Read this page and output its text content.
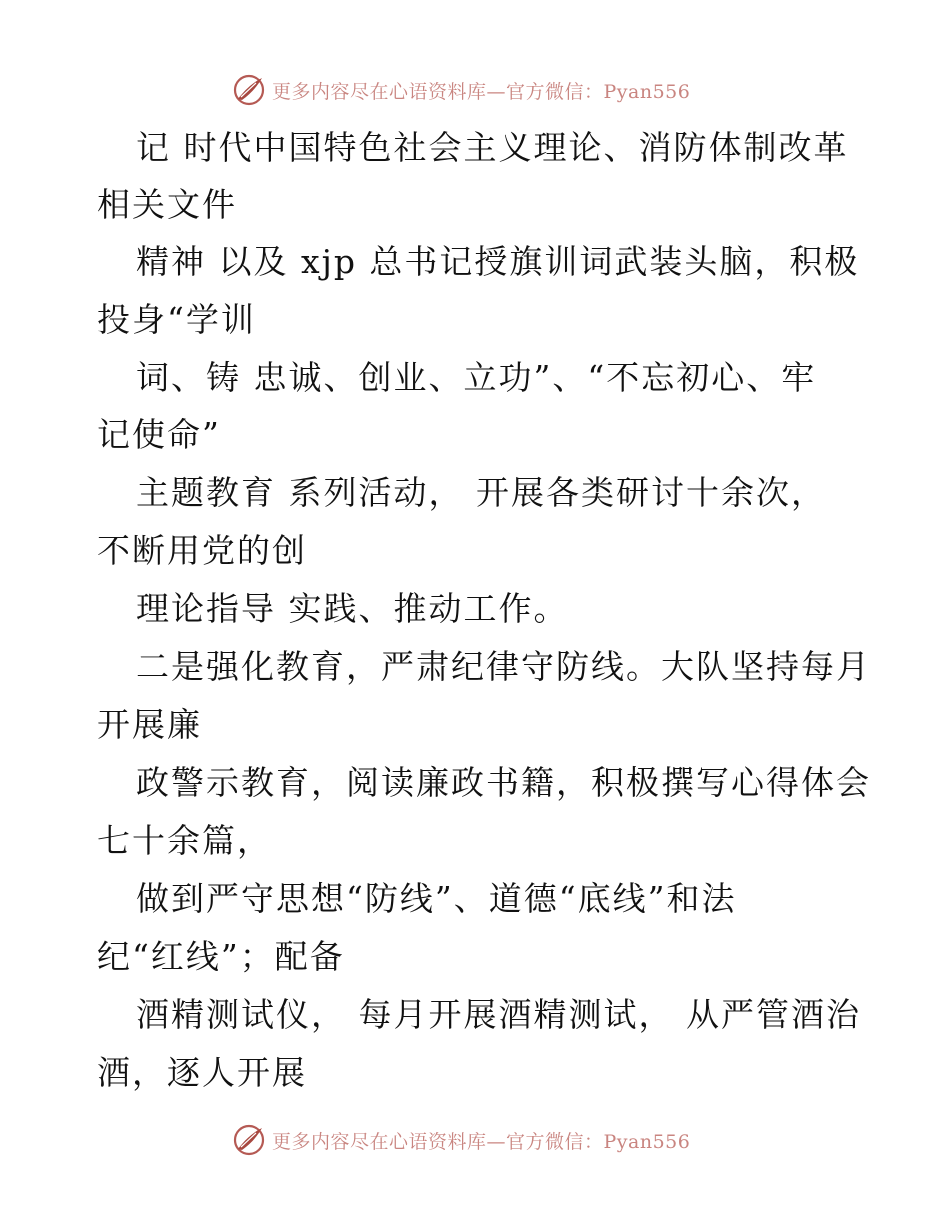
更多内容尽在心语资料库—官方微信：Pyan556
记 时代中国特色社会主义理论、消防体制改革
相关文件
精神 以及 xjp 总书记授旗训词武装头脑，积极
投身“学训
词、铸 忠诚、创业、立功”、“不忘初心、牢
记使命”
主题教育 系列活动， 开展各类研讨十余次，
不断用党的创
理论指导 实践、推动工作。
二是强化教育，严肃纪律守防线。大队坚持每月
开展廉
政警示教育，阅读廉政书籍，积极撰写心得体会
七十余篇，
做到严守思想“防线”、道德“底线”和法
纪“红线”；配备
酒精测试仪， 每月开展酒精测试， 从严管酒治
酒，逐人开展
更多内容尽在心语资料库—官方微信：Pyan556
